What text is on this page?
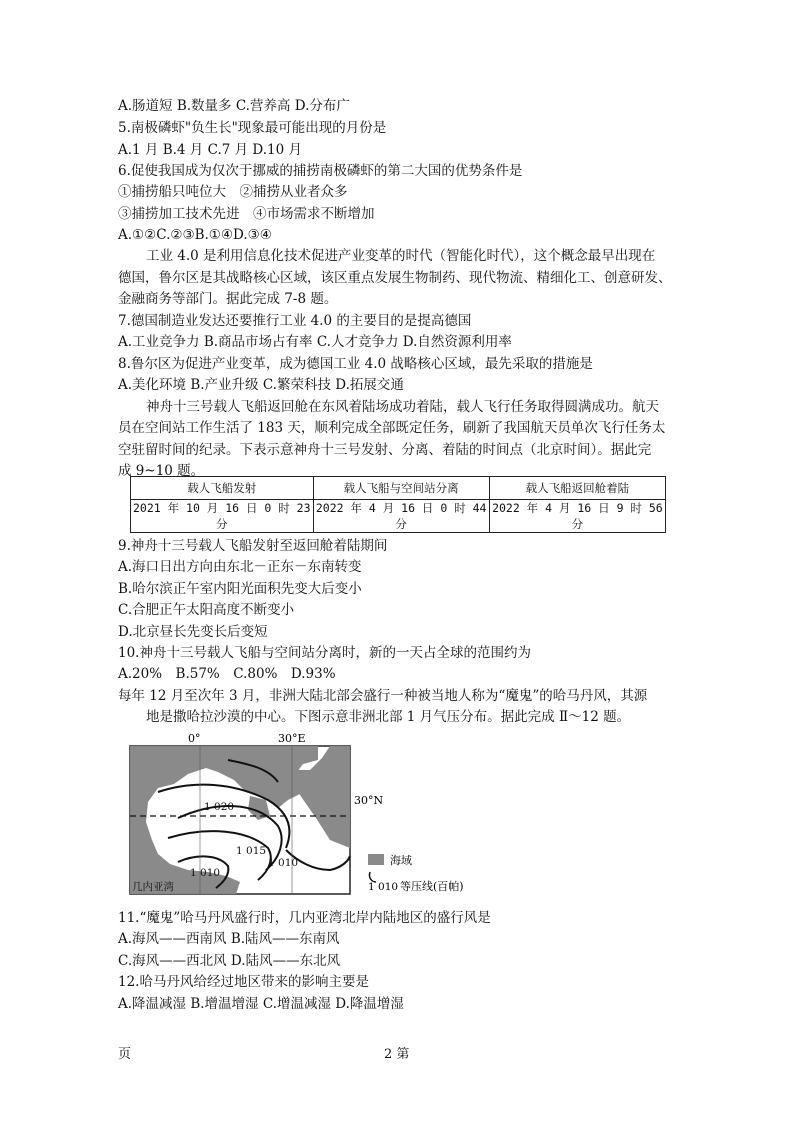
A.肠道短 B.数量多 C.营养高 D.分布广
5.南极磷虾"负生长"现象最可能出现的月份是
A.1 月 B.4 月 C.7 月 D.10 月
6.促使我国成为仅次于挪威的捕捞南极磷虾的第二大国的优势条件是
①捕捞船只吨位大　②捕捞从业者众多
③捕捞加工技术先进　④市场需求不断增加
A.①②C.②③B.①④D.③④
工业 4.0 是利用信息化技术促进产业变革的时代（智能化时代），这个概念最早出现在
德国，鲁尔区是其战略核心区域，该区重点发展生物制药、现代物流、精细化工、创意研发、
金融商务等部门。据此完成 7-8 题。
7.德国制造业发达还要推行工业 4.0 的主要目的是提高德国
A.工业竞争力 B.商品市场占有率 C.人才竞争力 D.自然资源利用率
8.鲁尔区为促进产业变革，成为德国工业 4.0 战略核心区域，最先采取的措施是
A.美化环境 B.产业升级 C.繁荣科技 D.拓展交通
神舟十三号载人飞船返回舱在东风着陆场成功着陆，载人飞行任务取得圆满成功。航天
员在空间站工作生活了 183 天，顺利完成全部既定任务，刷新了我国航天员单次飞行任务太
空驻留时间的纪录。下表示意神舟十三号发射、分离、着陆的时间点（北京时间）。据此完
成 9~10 题。
载人飞船发射	载人飞船与空间站分离	载人飞船返回舱着陆
2021 年 10 月 16 日 0 时 23 分	2022 年 4 月 16 日 0 时 44 分	2022 年 4 月 16 日 9 时 56 分
9.神舟十三号载人飞船发射至返回舱着陆期间
A.海口日出方向由东北－正东－东南转变
B.哈尔滨正午室内阳光面积先变大后变小
C.合肥正午太阳高度不断变小
D.北京昼长先变长后变短
10.神舟十三号载人飞船与空间站分离时，新的一天占全球的范围约为
A.20%　B.57%　C.80%　D.93%
每年 12 月至次年 3 月，非洲大陆北部会盛行一种被当地人称为“魔鬼”的哈马丹风，其源
地是撒哈拉沙漠的中心。下图示意非洲北部 1 月气压分布。据此完成 Ⅱ～12 题。
0°	30°E
30°N
1 020
1 015
1 010
1 010
几内亚湾
海域
1 010 等压线(百帕)
11.“魔鬼”哈马丹风盛行时，几内亚湾北岸内陆地区的盛行风是
A.海风——西南风 B.陆风——东南风
C.海风——西北风 D.陆风——东北风
12.哈马丹风给经过地区带来的影响主要是
A.降温减湿 B.增温增湿 C.增温减湿 D.降温增湿
页	2 第
